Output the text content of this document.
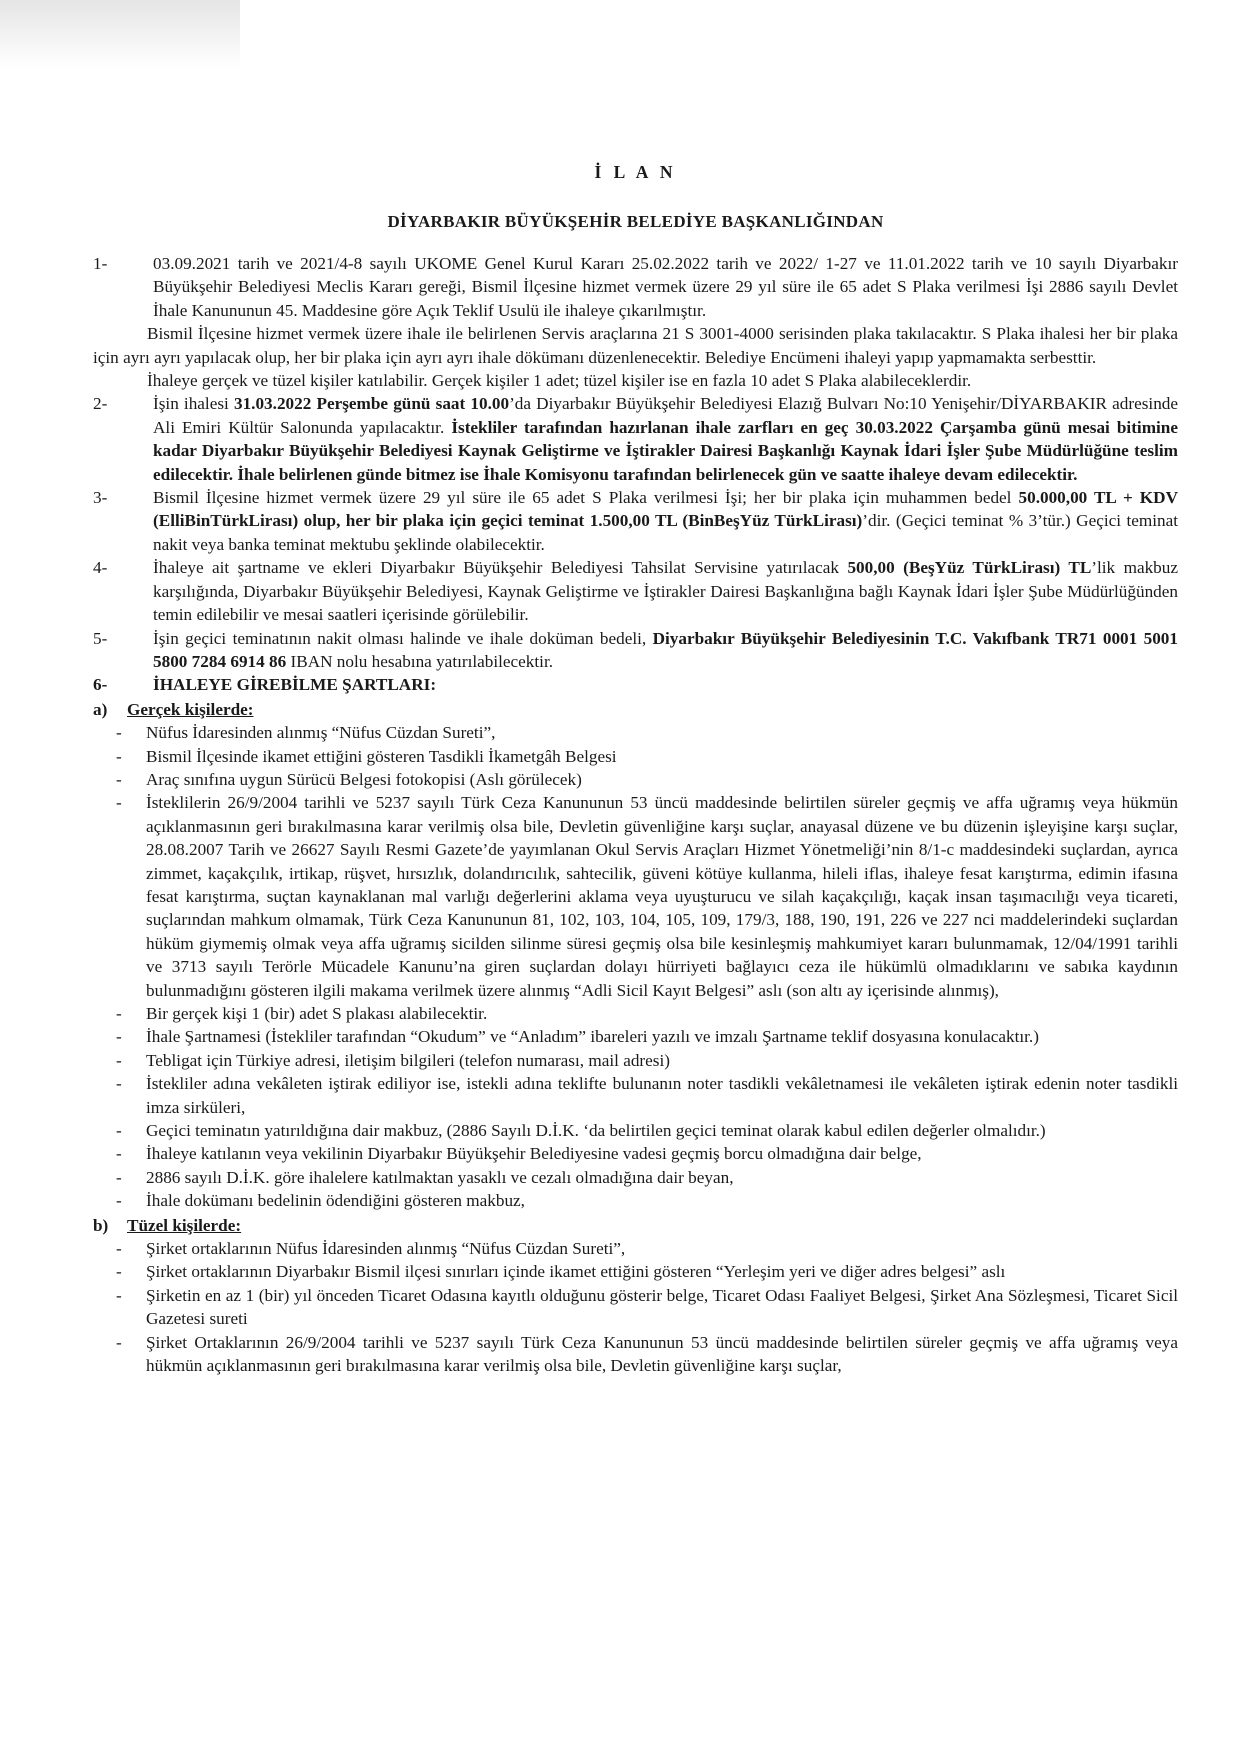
İ L A N
DİYARBAKIR BÜYÜKŞEHİR BELEDİYE BAŞKANLIĞINDAN
1-	03.09.2021 tarih ve 2021/4-8 sayılı UKOME Genel Kurul Kararı 25.02.2022 tarih ve 2022/ 1-27 ve 11.01.2022 tarih ve 10 sayılı Diyarbakır Büyükşehir Belediyesi Meclis Kararı gereği, Bismil İlçesine hizmet vermek üzere 29 yıl süre ile 65 adet S Plaka verilmesi İşi 2886 sayılı Devlet İhale Kanununun 45. Maddesine göre Açık Teklif Usulü ile ihaleye çıkarılmıştır.

Bismil İlçesine hizmet vermek üzere ihale ile belirlenen Servis araçlarına 21 S 3001-4000 serisinden plaka takılacaktır. S Plaka ihalesi her bir plaka için ayrı ayrı yapılacak olup, her bir plaka için ayrı ayrı ihale dökümanı düzenlenecektir. Belediye Encümeni ihaleyi yapıp yapmamakta serbesttir.

İhaleye gerçek ve tüzel kişiler katılabilir. Gerçek kişiler 1 adet; tüzel kişiler ise en fazla 10 adet S Plaka alabileceklerdir.

2-	İşin ihalesi 31.03.2022 Perşembe günü saat 10.00’da Diyarbakır Büyükşehir Belediyesi Elazığ Bulvarı No:10 Yenişehir/DİYARBAKIR adresinde Ali Emiri Kültür Salonunda yapılacaktır. İstekliler tarafından hazırlanan ihale zarfları en geç 30.03.2022 Çarşamba günü mesai bitimine kadar Diyarbakır Büyükşehir Belediyesi Kaynak Geliştirme ve İştirakler Dairesi Başkanlığı Kaynak İdari İşler Şube Müdürlüğüne teslim edilecektir. İhale belirlenen günde bitmez ise İhale Komisyonu tarafından belirlenecek gün ve saatte ihaleye devam edilecektir.
3-	Bismil İlçesine hizmet vermek üzere 29 yıl süre ile 65 adet S Plaka verilmesi İşi; her bir plaka için muhammen bedel 50.000,00 TL + KDV (ElliBinTürkLirası) olup, her bir plaka için geçici teminat 1.500,00 TL (BinBeşYüz TürkLirası)’dir. (Geçici teminat % 3’tür.) Geçici teminat nakit veya banka teminat mektubu şeklinde olabilecektir.
4-	İhaleye ait şartname ve ekleri Diyarbakır Büyükşehir Belediyesi Tahsilat Servisine yatırılacak 500,00 (BeşYüz TürkLirası) TL’lik makbuz karşılığında, Diyarbakır Büyükşehir Belediyesi, Kaynak Geliştirme ve İştirakler Dairesi Başkanlığına bağlı Kaynak İdari İşler Şube Müdürlüğünden temin edilebilir ve mesai saatleri içerisinde görülebilir.
5-	İşin geçici teminatının nakit olması halinde ve ihale doküman bedeli, Diyarbakır Büyükşehir Belediyesinin T.C. Vakıfbank TR71 0001 5001 5800 7284 6914 86 IBAN nolu hesabına yatırılabilecektir.
6-	İHALEYE GİREBİLME ŞARTLARI:
a)	Gerçek kişilerde:
-	Nüfus İdaresinden alınmış “Nüfus Cüzdan Sureti”,
-	Bismil İlçesinde ikamet ettiğini gösteren Tasdikli İkametgâh Belgesi
-	Araç sınıfına uygun Sürücü Belgesi fotokopisi (Aslı görülecek)
-	İsteklilerin 26/9/2004 tarihli ve 5237 sayılı Türk Ceza Kanununun 53 üncü maddesinde belirtilen süreler geçmiş ve affa uğramış veya hükmün açıklanmasının geri bırakılmasına karar verilmiş olsa bile, Devletin güvenliğine karşı suçlar, anayasal düzene ve bu düzenin işleyişine karşı suçlar, 28.08.2007 Tarih ve 26627 Sayılı Resmi Gazete’de yayımlanan Okul Servis Araçları Hizmet Yönetmeliği’nin 8/1-c maddesindeki suçlardan, ayrıca zimmet, kaçakçılık, irtikap, rüşvet, hırsızlık, dolandırıcılık, sahtecilik, güveni kötüye kullanma, hileli iflas, ihaleye fesat karıştırma, edimin ifasına fesat karıştırma, suçtan kaynaklanan mal varlığı değerlerini aklama veya uyuşturucu ve silah kaçakçılığı, kaçak insan taşımacılığı veya ticareti, suçlarından mahkum olmamak, Türk Ceza Kanununun 81, 102, 103, 104, 105, 109, 179/3, 188, 190, 191, 226 ve 227 nci maddelerindeki suçlardan hüküm giymemiş olmak veya affa uğramış sicilden silinme süresi geçmiş olsa bile kesinleşmiş mahkumiyet kararı bulunmamak, 12/04/1991 tarihli ve 3713 sayılı Terörle Mücadele Kanunu’na giren suçlardan dolayı hürriyeti bağlayıcı ceza ile hükümlü olmadıklarını ve sabıka kaydının bulunmadığını gösteren ilgili makama verilmek üzere alınmış “Adli Sicil Kayıt Belgesi” aslı (son altı ay içerisinde alınmış),
-	Bir gerçek kişi 1 (bir) adet S plakası alabilecektir.
-	İhale Şartnamesi (İstekliler tarafından “Okudum” ve “Anladım” ibareleri yazılı ve imzalı Şartname teklif dosyasına konulacaktır.)
-	Tebligat için Türkiye adresi, iletişim bilgileri (telefon numarası, mail adresi)
-	İstekliler adına vekâleten iştirak ediliyor ise, istekli adına teklifte bulunanın noter tasdikli vekâletnamesi ile vekâleten iştirak edenin noter tasdikli imza sirküleri,
-	Geçici teminatın yatırıldığına dair makbuz, (2886 Sayılı D.İ.K. ‘da belirtilen geçici teminat olarak kabul edilen değerler olmalıdır.)
-	İhaleye katılanın veya vekilinin Diyarbakır Büyükşehir Belediyesine vadesi geçmiş borcu olmadığına dair belge,
-	2886 sayılı D.İ.K. göre ihalelere katılmaktan yasaklı ve cezalı olmadığına dair beyan,
-	İhale dokümanı bedelinin ödendiğini gösteren makbuz,
b)	Tüzel kişilerde:
-	Şirket ortaklarının Nüfus İdaresinden alınmış “Nüfus Cüzdan Sureti”,
-	Şirket ortaklarının Diyarbakır Bismil ilçesi sınırları içinde ikamet ettiğini gösteren “Yerleşim yeri ve diğer adres belgesi” aslı
-	Şirketin en az 1 (bir) yıl önceden Ticaret Odasına kayıtlı olduğunu gösterir belge, Ticaret Odası Faaliyet Belgesi, Şirket Ana Sözleşmesi, Ticaret Sicil Gazetesi sureti
-	Şirket Ortaklarının 26/9/2004 tarihli ve 5237 sayılı Türk Ceza Kanununun 53 üncü maddesinde belirtilen süreler geçmiş ve affa uğramış veya hükmün açıklanmasının geri bırakılmasına karar verilmiş olsa bile, Devletin güvenliğine karşı suçlar,
